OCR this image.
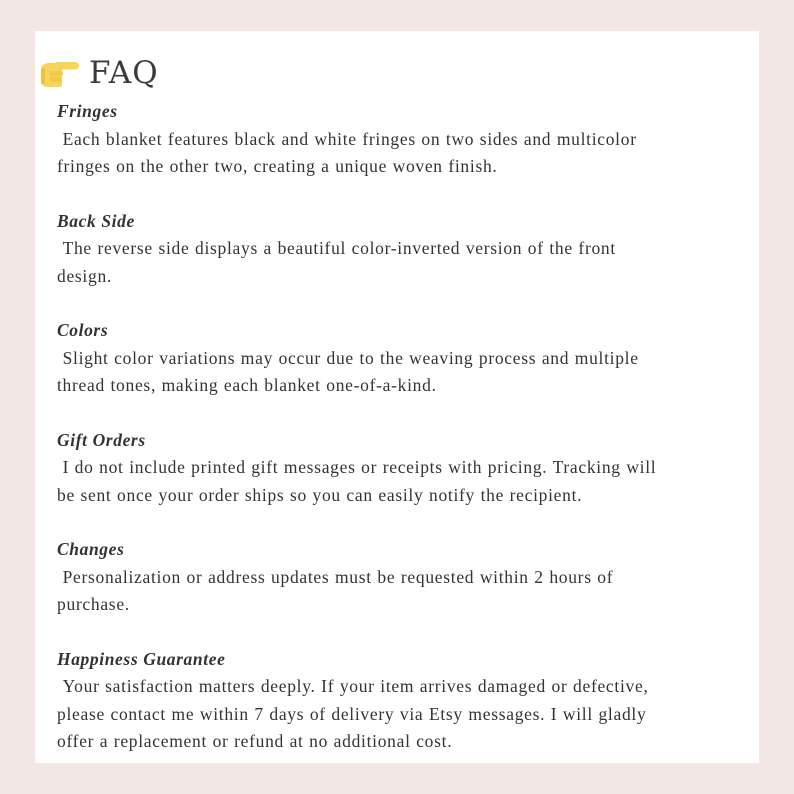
FAQ
Fringes
Each blanket features black and white fringes on two sides and multicolor
fringes on the other two, creating a unique woven finish.
Back Side
The reverse side displays a beautiful color-inverted version of the front
design.
Colors
Slight color variations may occur due to the weaving process and multiple
thread tones, making each blanket one-of-a-kind.
Gift Orders
I do not include printed gift messages or receipts with pricing. Tracking will
be sent once your order ships so you can easily notify the recipient.
Changes
Personalization or address updates must be requested within 2 hours of
purchase.
Happiness Guarantee
Your satisfaction matters deeply. If your item arrives damaged or defective,
please contact me within 7 days of delivery via Etsy messages. I will gladly
offer a replacement or refund at no additional cost.
